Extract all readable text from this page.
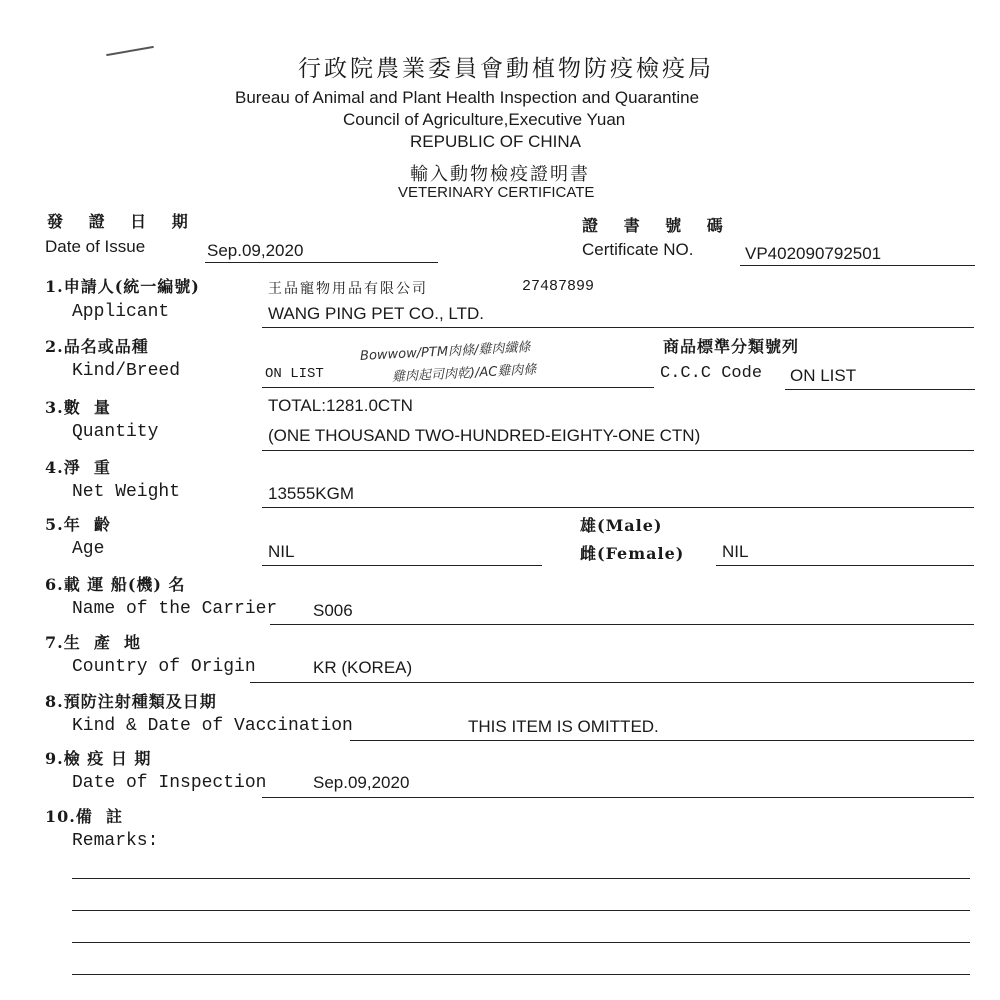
行政院農業委員會動植物防疫檢疫局
Bureau of Animal and Plant Health Inspection and Quarantine
Council of Agriculture,Executive Yuan
REPUBLIC OF CHINA
輸入動物檢疫證明書
VETERINARY CERTIFICATE
發 證 日 期
Date of Issue	Sep.09,2020
證 書 號 碼
Certificate NO.	VP402090792501
1.申請人(統一編號)
Applicant
王品寵物用品有限公司	27487899
WANG PING PET CO., LTD.
2.品名或品種
Kind/Breed	ON LIST
Bowwow/PTM肉條/雞肉纖條
雞肉起司肉乾)/AC雞肉條
商品標準分類號列
C.C.C Code ON LIST
3.數  量
Quantity
TOTAL:1281.0CTN
(ONE THOUSAND TWO-HUNDRED-EIGHTY-ONE CTN)
4.淨  重
Net Weight	13555KGM
5.年  齡
Age	NIL
雄(Male)
雌(Female) NIL
6.載 運 船(機) 名
Name of the Carrier S006
7.生  產  地
Country of Origin	KR (KOREA)
8.預防注射種類及日期
Kind & Date of Vaccination	THIS ITEM IS OMITTED.
9.檢 疫 日 期
Date of Inspection	Sep.09,2020
10.備  註
Remarks:
